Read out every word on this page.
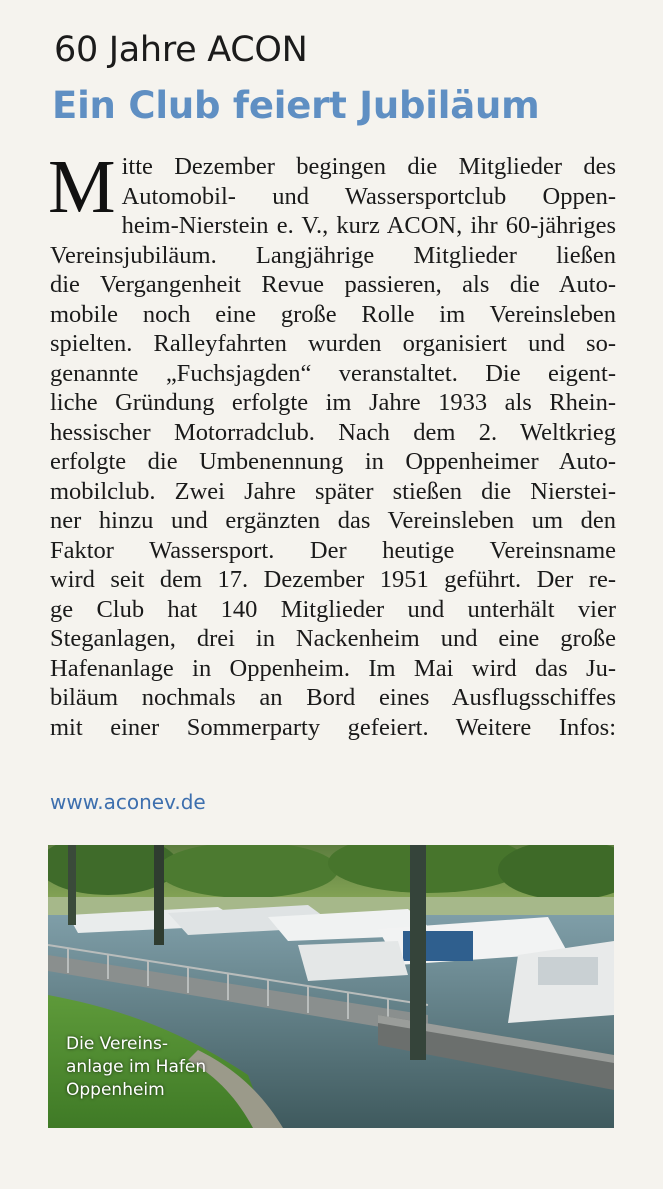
60 Jahre ACON
Ein Club feiert Jubiläum
M itte Dezember begingen die Mitglieder des
Automobil- und Wassersportclub Oppen-
heim-Nierstein e. V., kurz ACON, ihr 60-jähriges
Vereinsjubiläum. Langjährige Mitglieder ließen
die Vergangenheit Revue passieren, als die Auto-
mobile noch eine große Rolle im Vereinsleben
spielten. Ralleyfahrten wurden organisiert und so-
genannte „Fuchsjagden“ veranstaltet. Die eigent-
liche Gründung erfolgte im Jahre 1933 als Rhein-
hessischer Motorradclub. Nach dem 2. Weltkrieg
erfolgte die Umbenennung in Oppenheimer Auto-
mobilclub. Zwei Jahre später stießen die Nierstei-
ner hinzu und ergänzten das Vereinsleben um den
Faktor Wassersport. Der heutige Vereinsname
wird seit dem 17. Dezember 1951 geführt. Der re-
ge Club hat 140 Mitglieder und unterhält vier
Steganlagen, drei in Nackenheim und eine große
Hafenanlage in Oppenheim. Im Mai wird das Ju-
biläum nochmals an Bord eines Ausflugsschiffes
mit einer Sommerparty gefeiert. Weitere Infos:
www.aconev.de
Die Vereins-
anlage im Hafen
Oppenheim
